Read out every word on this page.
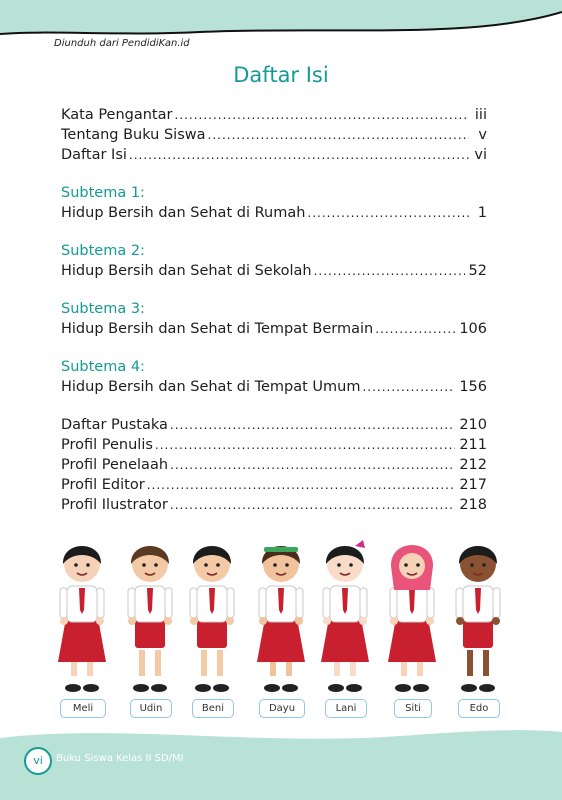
Diunduh dari PendidiKan.id
Daftar Isi
Kata Pengantar .....	iii
Tentang Buku Siswa .....	v
Daftar Isi .....	vi
Subtema 1:
Hidup Bersih dan Sehat di Rumah .....	1
Subtema 2:
Hidup Bersih dan Sehat di Sekolah .....	52
Subtema 3:
Hidup Bersih dan Sehat di Tempat Bermain .....	106
Subtema 4:
Hidup Bersih dan Sehat di Tempat Umum .....	156
Daftar Pustaka .....	210
Profil Penulis .....	211
Profil Penelaah .....	212
Profil Editor .....	217
Profil Ilustrator .....	218
Meli	Udin	Beni	Dayu	Lani	Siti	Edo
vi	Buku Siswa Kelas II SD/MI
